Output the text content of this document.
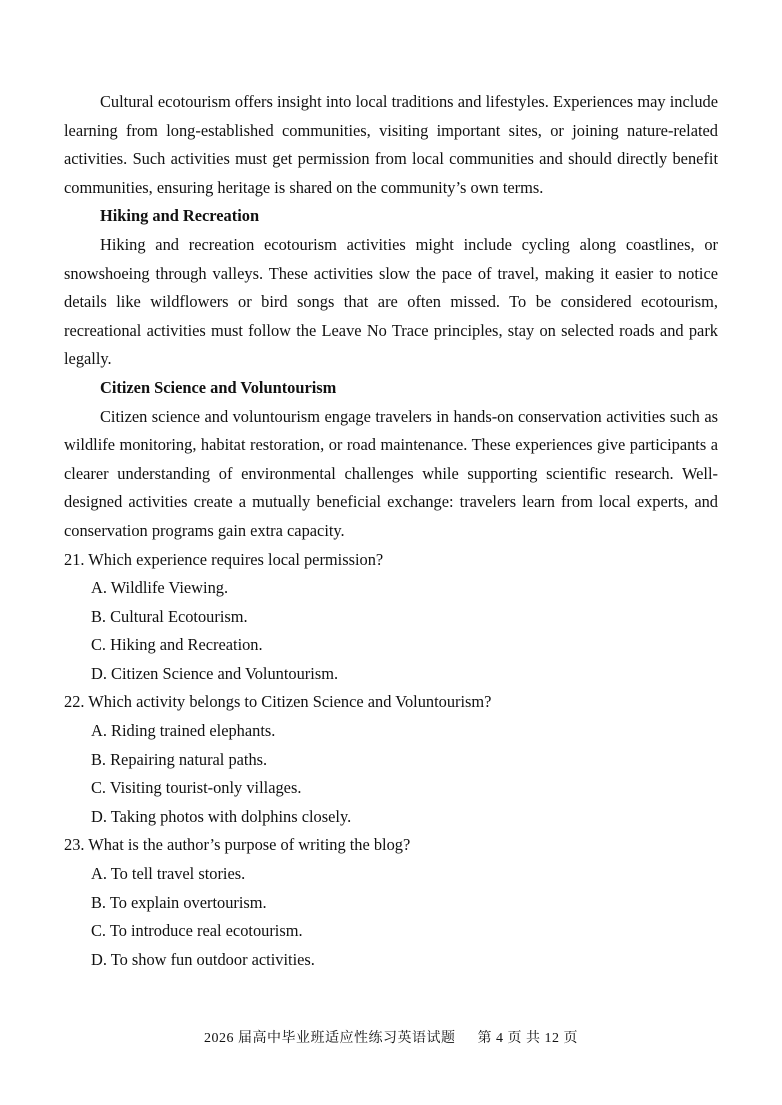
Cultural ecotourism offers insight into local traditions and lifestyles. Experiences may include learning from long-established communities, visiting important sites, or joining nature-related activities. Such activities must get permission from local communities and should directly benefit communities, ensuring heritage is shared on the community’s own terms.

Hiking and Recreation

Hiking and recreation ecotourism activities might include cycling along coastlines, or snowshoeing through valleys. These activities slow the pace of travel, making it easier to notice details like wildflowers or bird songs that are often missed. To be considered ecotourism, recreational activities must follow the Leave No Trace principles, stay on selected roads and park legally.

Citizen Science and Voluntourism

Citizen science and voluntourism engage travelers in hands-on conservation activities such as wildlife monitoring, habitat restoration, or road maintenance. These experiences give participants a clearer understanding of environmental challenges while supporting scientific research. Well-designed activities create a mutually beneficial exchange: travelers learn from local experts, and conservation programs gain extra capacity.

21. Which experience requires local permission?

A. Wildlife Viewing.

B. Cultural Ecotourism.

C. Hiking and Recreation.

D. Citizen Science and Voluntourism.

22. Which activity belongs to Citizen Science and Voluntourism?

A. Riding trained elephants.

B. Repairing natural paths.

C. Visiting tourist-only villages.

D. Taking photos with dolphins closely.

23. What is the author’s purpose of writing the blog?

A. To tell travel stories.

B. To explain overtourism.

C. To introduce real ecotourism.

D. To show fun outdoor activities.

2026 届高中毕业班适应性练习英语试题 第 4 页 共 12 页
